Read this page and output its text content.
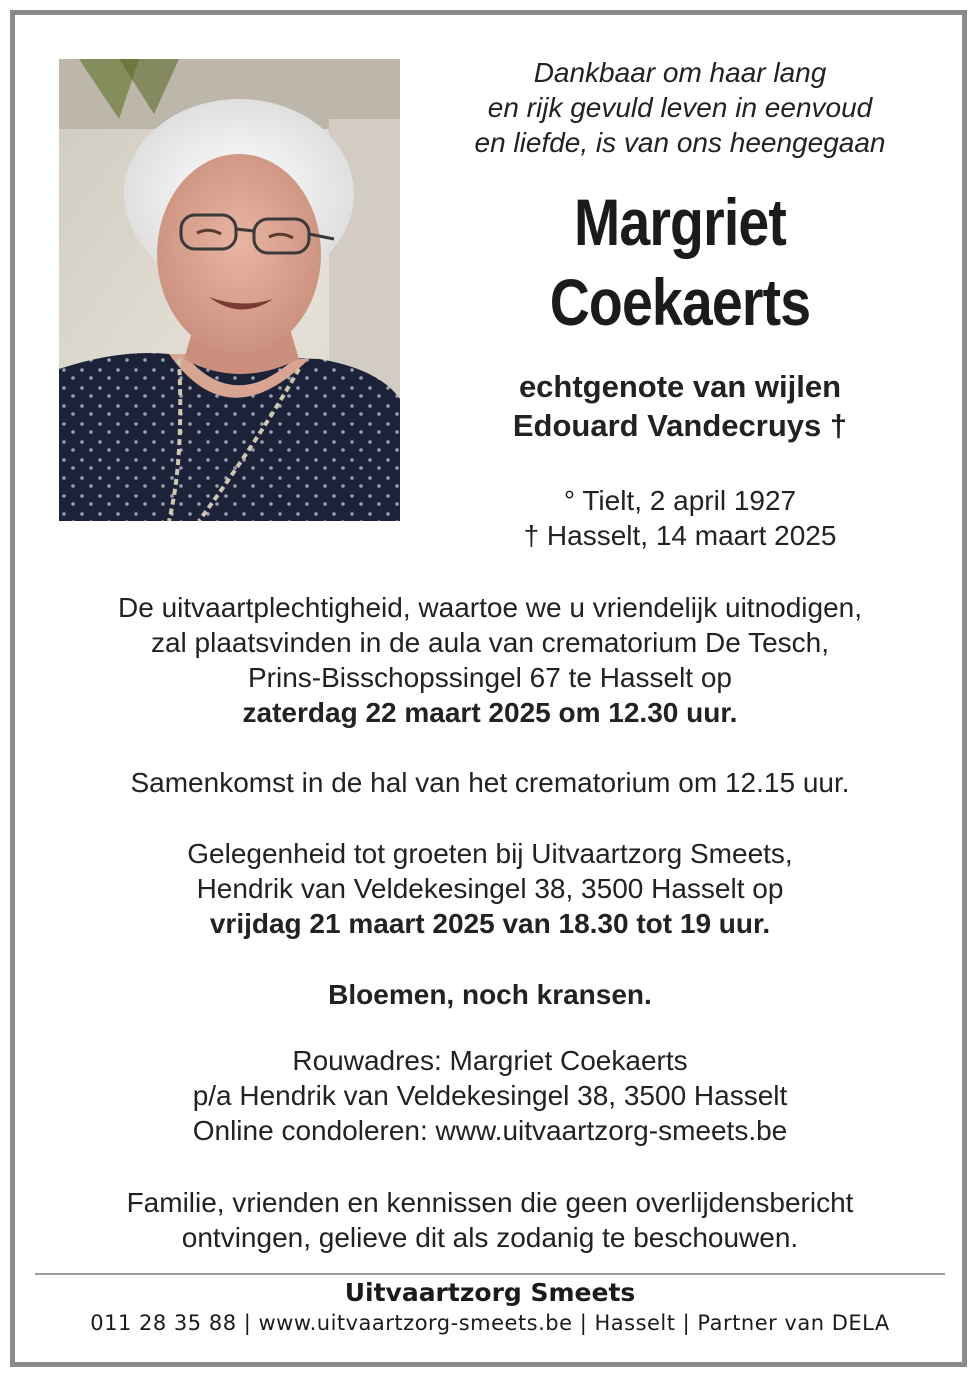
Dankbaar om haar lang
en rijk gevuld leven in eenvoud
en liefde, is van ons heengegaan
Margriet
Coekaerts
echtgenote van wijlen
Edouard Vandecruys †
° Tielt, 2 april 1927
† Hasselt, 14 maart 2025
De uitvaartplechtigheid, waartoe we u vriendelijk uitnodigen,
zal plaatsvinden in de aula van crematorium De Tesch,
Prins-Bisschopssingel 67 te Hasselt op
zaterdag 22 maart 2025 om 12.30 uur.
Samenkomst in de hal van het crematorium om 12.15 uur.
Gelegenheid tot groeten bij Uitvaartzorg Smeets,
Hendrik van Veldekesingel 38, 3500 Hasselt op
vrijdag 21 maart 2025 van 18.30 tot 19 uur.
Bloemen, noch kransen.
Rouwadres: Margriet Coekaerts
p/a Hendrik van Veldekesingel 38, 3500 Hasselt
Online condoleren: www.uitvaartzorg-smeets.be
Familie, vrienden en kennissen die geen overlijdensbericht
ontvingen, gelieve dit als zodanig te beschouwen.
Uitvaartzorg Smeets
011 28 35 88 | www.uitvaartzorg-smeets.be | Hasselt | Partner van DELA
